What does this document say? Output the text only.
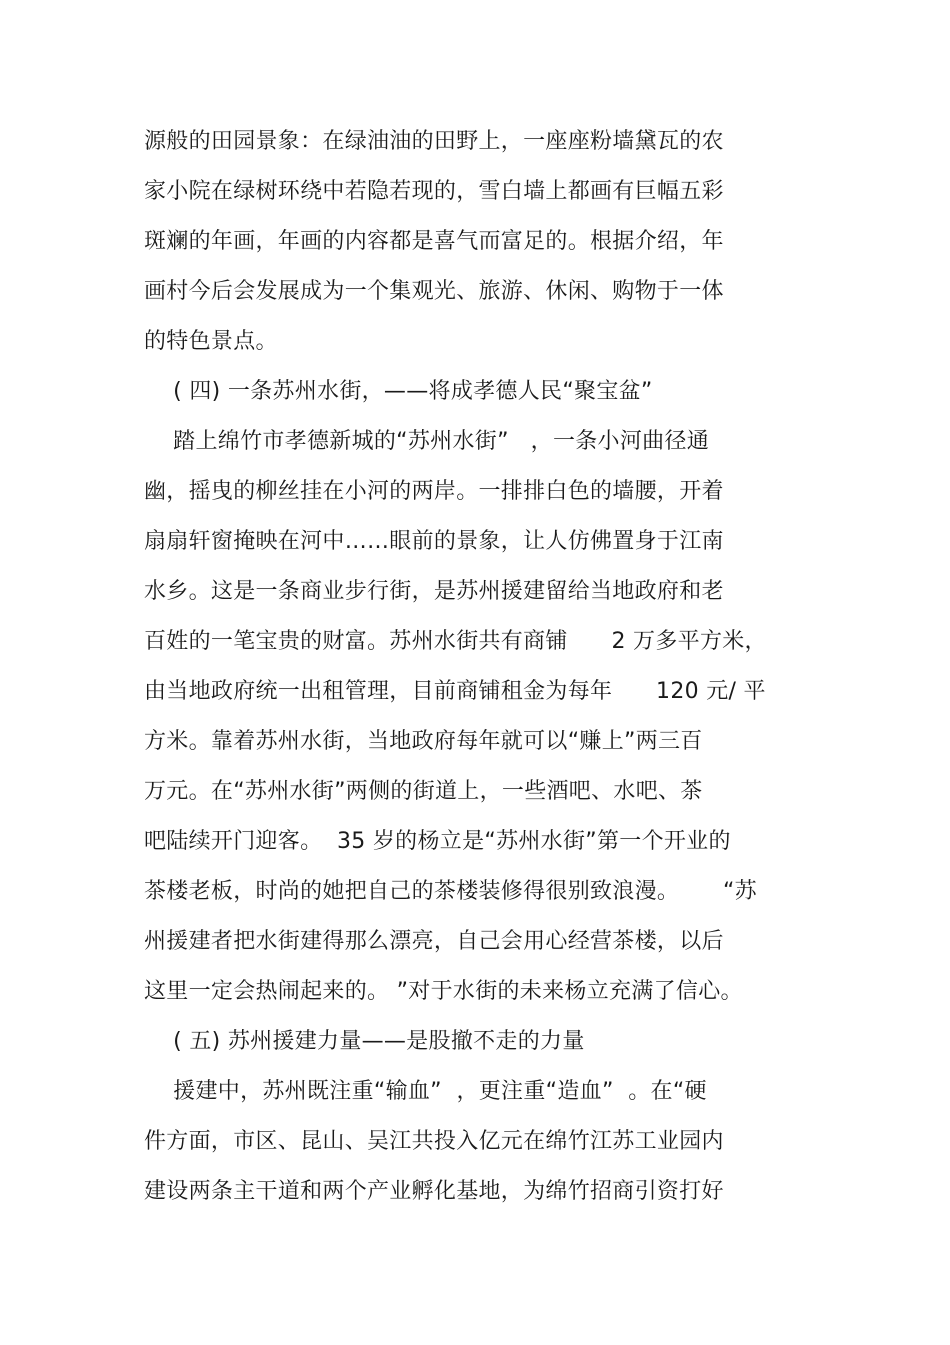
源般的田园景象：在绿油油的田野上，一座座粉墙黛瓦的农
家小院在绿树环绕中若隐若现的，雪白墙上都画有巨幅五彩
斑斓的年画，年画的内容都是喜气而富足的。根据介绍，年
画村今后会发展成为一个集观光、旅游、休闲、购物于一体
的特色景点。
( 四) 一条苏州水街，——将成孝德人民“聚宝盆”
踏上绵竹市孝德新城的“苏州水街”   ，一条小河曲径通
幽，摇曳的柳丝挂在小河的两岸。一排排白色的墙腰，开着
扇扇轩窗掩映在河中……眼前的景象，让人仿佛置身于江南
水乡。这是一条商业步行街，是苏州援建留给当地政府和老
百姓的一笔宝贵的财富。苏州水街共有商铺      2 万多平方米，
由当地政府统一出租管理，目前商铺租金为每年      120 元/ 平
方米。靠着苏州水街，当地政府每年就可以“赚上”两三百
万元。在“苏州水街”两侧的街道上，一些酒吧、水吧、茶
吧陆续开门迎客。  35 岁的杨立是“苏州水街”第一个开业的
茶楼老板，时尚的她把自己的茶楼装修得很别致浪漫。      “苏
州援建者把水街建得那么漂亮，自己会用心经营茶楼，以后
这里一定会热闹起来的。 ”对于水街的未来杨立充满了信心。
( 五) 苏州援建力量——是股撤不走的力量
援建中，苏州既注重“输血”  ，更注重“造血”  。在“硬
件方面，市区、昆山、吴江共投入亿元在绵竹江苏工业园内
建设两条主干道和两个产业孵化基地，为绵竹招商引资打好
